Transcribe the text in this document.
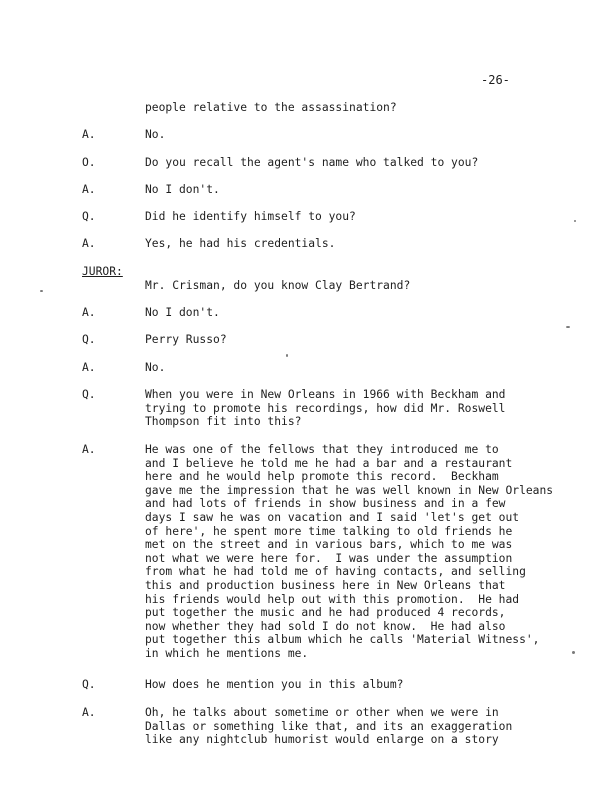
-26-
people relative to the assassination?
A.	No.
O.	Do you recall the agent's name who talked to you?
A.	No I don't.
Q.	Did he identify himself to you?
A.	Yes, he had his credentials.
JUROR:
Mr. Crisman, do you know Clay Bertrand?
A.	No I don't.
Q.	Perry Russo?
A.	No.
Q.	When you were in New Orleans in 1966 with Beckham and
trying to promote his recordings, how did Mr. Roswell
Thompson fit into this?
A.	He was one of the fellows that they introduced me to
and I believe he told me he had a bar and a restaurant
here and he would help promote this record.  Beckham
gave me the impression that he was well known in New Orleans
and had lots of friends in show business and in a few
days I saw he was on vacation and I said 'let's get out
of here', he spent more time talking to old friends he
met on the street and in various bars, which to me was
not what we were here for.  I was under the assumption
from what he had told me of having contacts, and selling
this and production business here in New Orleans that
his friends would help out with this promotion.  He had
put together the music and he had produced 4 records,
now whether they had sold I do not know.  He had also
put together this album which he calls 'Material Witness',
in which he mentions me.
Q.	How does he mention you in this album?
A.	Oh, he talks about sometime or other when we were in
Dallas or something like that, and its an exaggeration
like any nightclub humorist would enlarge on a story
